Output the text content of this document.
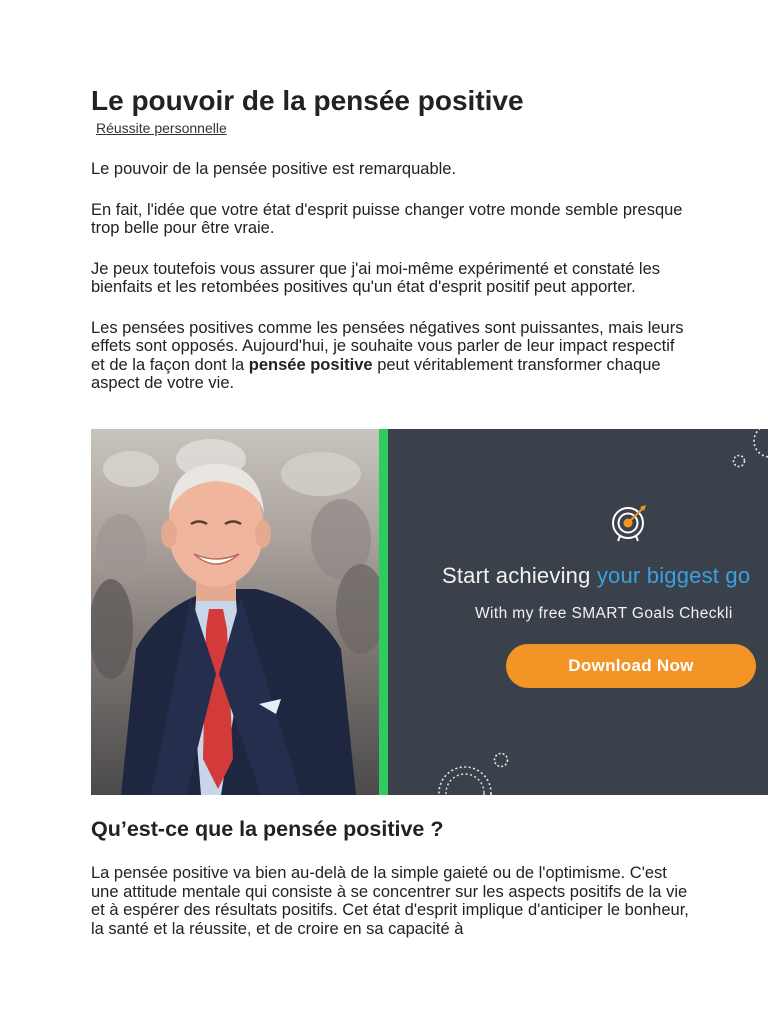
Le pouvoir de la pensée positive
Réussite personnelle

Le pouvoir de la pensée positive est remarquable.

En fait, l'idée que votre état d'esprit puisse changer votre monde semble presque trop belle pour être vraie.

Je peux toutefois vous assurer que j'ai moi-même expérimenté et constaté les bienfaits et les retombées positives qu'un état d'esprit positif peut apporter.

Les pensées positives comme les pensées négatives sont puissantes, mais leurs effets sont opposés. Aujourd'hui, je souhaite vous parler de leur impact respectif et de la façon dont la pensée positive peut véritablement transformer chaque aspect de votre vie.

Start achieving your biggest go
With my free SMART Goals Checkli
Download Now
Qu’est-ce que la pensée positive ?

La pensée positive va bien au-delà de la simple gaieté ou de l'optimisme. C'est une attitude mentale qui consiste à se concentrer sur les aspects positifs de la vie et à espérer des résultats positifs. Cet état d'esprit implique d'anticiper le bonheur, la santé et la réussite, et de croire en sa capacité à
